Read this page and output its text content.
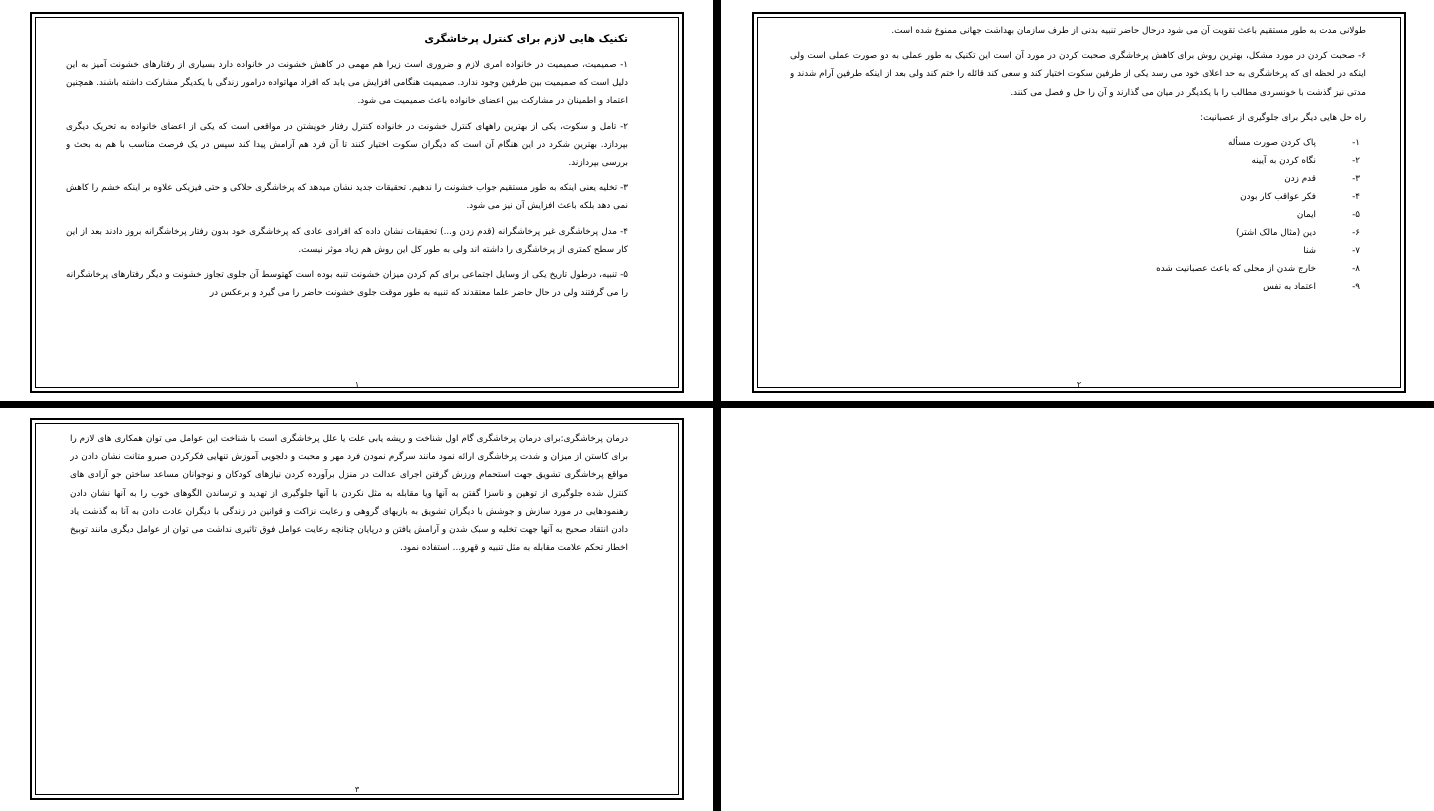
تکنیک هایی لازم برای کنترل پرخاشگری

۱- صمیمیت، صمیمیت در خانواده امری لازم و ضروری است زیرا هم مهمی در کاهش خشونت در خانواده دارد بسیاری از رفتارهای خشونت آمیز به این دلیل است که صمیمیت بین طرفین وجود ندارد. صمیمیت هنگامی افزایش می یابد که افراد مهاتواده درامور زندگی با یکدیگر مشارکت داشته باشند. همچنین اعتماد و اطمینان در مشارکت بین اعضای خانواده باعث صمیمیت می شود.

۲- تامل و سکوت، یکی از بهترین راههای کنترل خشونت در خانواده کنترل رفتار خویشتن در مواقعی است که یکی از اعضای خانواده به تحریک دیگری بپردازد. بهترین شکرد در این هنگام آن است که دیگران سکوت اختیار کنند تا آن فرد هم آرامش پیدا کند سپس در یک فرصت مناسب با هم به بحث و بررسی بپردازند.

۳- تخلیه یعنی اینکه به طور مستقیم جواب خشونت را ندهیم. تحقیقات جدید نشان میدهد که پرخاشگری حلاکی و حتی فیزیکی علاوه بر اینکه خشم را کاهش نمی دهد بلکه باعث افزایش آن نیز می شود.

۴- مدل پرخاشگری غیر پرخاشگرانه (قدم زدن و...) تحقیقات نشان داده که افرادی عادی که پرخاشگری خود بدون رفتار پرخاشگرانه بروز دادند بعد از این کار سطح کمتری از پرخاشگری را داشته اند ولی به طور کل این روش هم زیاد موثر نیست.

۵- تنبیه، درطول تاریخ یکی از وسایل اجتماعی برای کم کردن میزان خشونت تنبه بوده است کهتوسط آن جلوی تجاوز خشونت و دیگر رفتارهای پرخاشگرانه را می گرفتند ولی در حال حاضر علما معتقدند که تنبیه به طور موقت جلوی خشونت حاضر را می گیرد و برعکس در

۱

طولانی مدت به طور مستقیم باعث تقویت آن می شود درحال حاضر تنبیه بدنی از طرف سازمان بهداشت جهانی ممنوع شده است.

۶- صحبت کردن در مورد مشکل، بهترین روش برای کاهش پرخاشگری صحبت کردن در مورد آن است این تکنیک به طور عملی به دو صورت عملی است ولی اینکه در لحظه ای که پرخاشگری به حد اعلای خود می رسد یکی از طرفین سکوت اختیار کند و سعی کند قائله را ختم کند ولی بعد از اینکه طرفین آرام شدند و مدتی نیز گذشت با خونسردی مطالب را با یکدیگر در میان می گذارند و آن را حل و فصل می کنند.

راه حل هایی دیگر برای جلوگیری از عصبانیت:
۱-
پاک کردن صورت مسأله
۲-
نگاه کردن به آیینه
۳-
قدم زدن
۴-
فکر عواقب کار بودن
۵-
ایمان
۶-
دین (مثال مالک اشتر)
۷-
شنا
۸-
خارج شدن از محلی که باعث عصبانیت شده
۹-
اعتماد به نفس
۲

درمان پرخاشگری:برای درمان پرخاشگری گام اول شناخت و ریشه یابی علت یا علل پرخاشگری است با شناخت این عوامل می توان همکاری های لازم را برای کاستن از میزان و شدت پرخاشگری ارائه نمود مانند سرگرم نمودن فرد مهر و محبت و دلجویی آموزش تنهایی فکرکردن صبرو متانت نشان دادن در مواقع پرخاشگری تشویق جهت استحمام ورزش گرفتن اجرای عدالت در منزل برآورده کردن نیازهای کودکان و نوجوانان مساعد ساختن جو آزادی های کنترل شده جلوگیری از توهین و ناسزا گفتن به آنها ویا مقابله به مثل نکردن با آنها جلوگیری از تهدید و ترساندن الگوهای خوب را به آنها نشان دادن رهنمودهایی در مورد سازش و جوشش با دیگران تشویق به بازیهای گروهی و رعایت نزاکت و قوانین در زندگی با دیگران عادت دادن به آنا به گذشت یاد دادن انتقاد صحیح به آنها جهت تخلیه و سبک شدن و آرامش یافتن و درپایان چنانچه رعایت عوامل فوق تاثیری نداشت می توان از عوامل دیگری مانند توبیخ اخطار تحکم علامت مقابله به مثل تنبیه و قهرو... استفاده نمود.

۳
